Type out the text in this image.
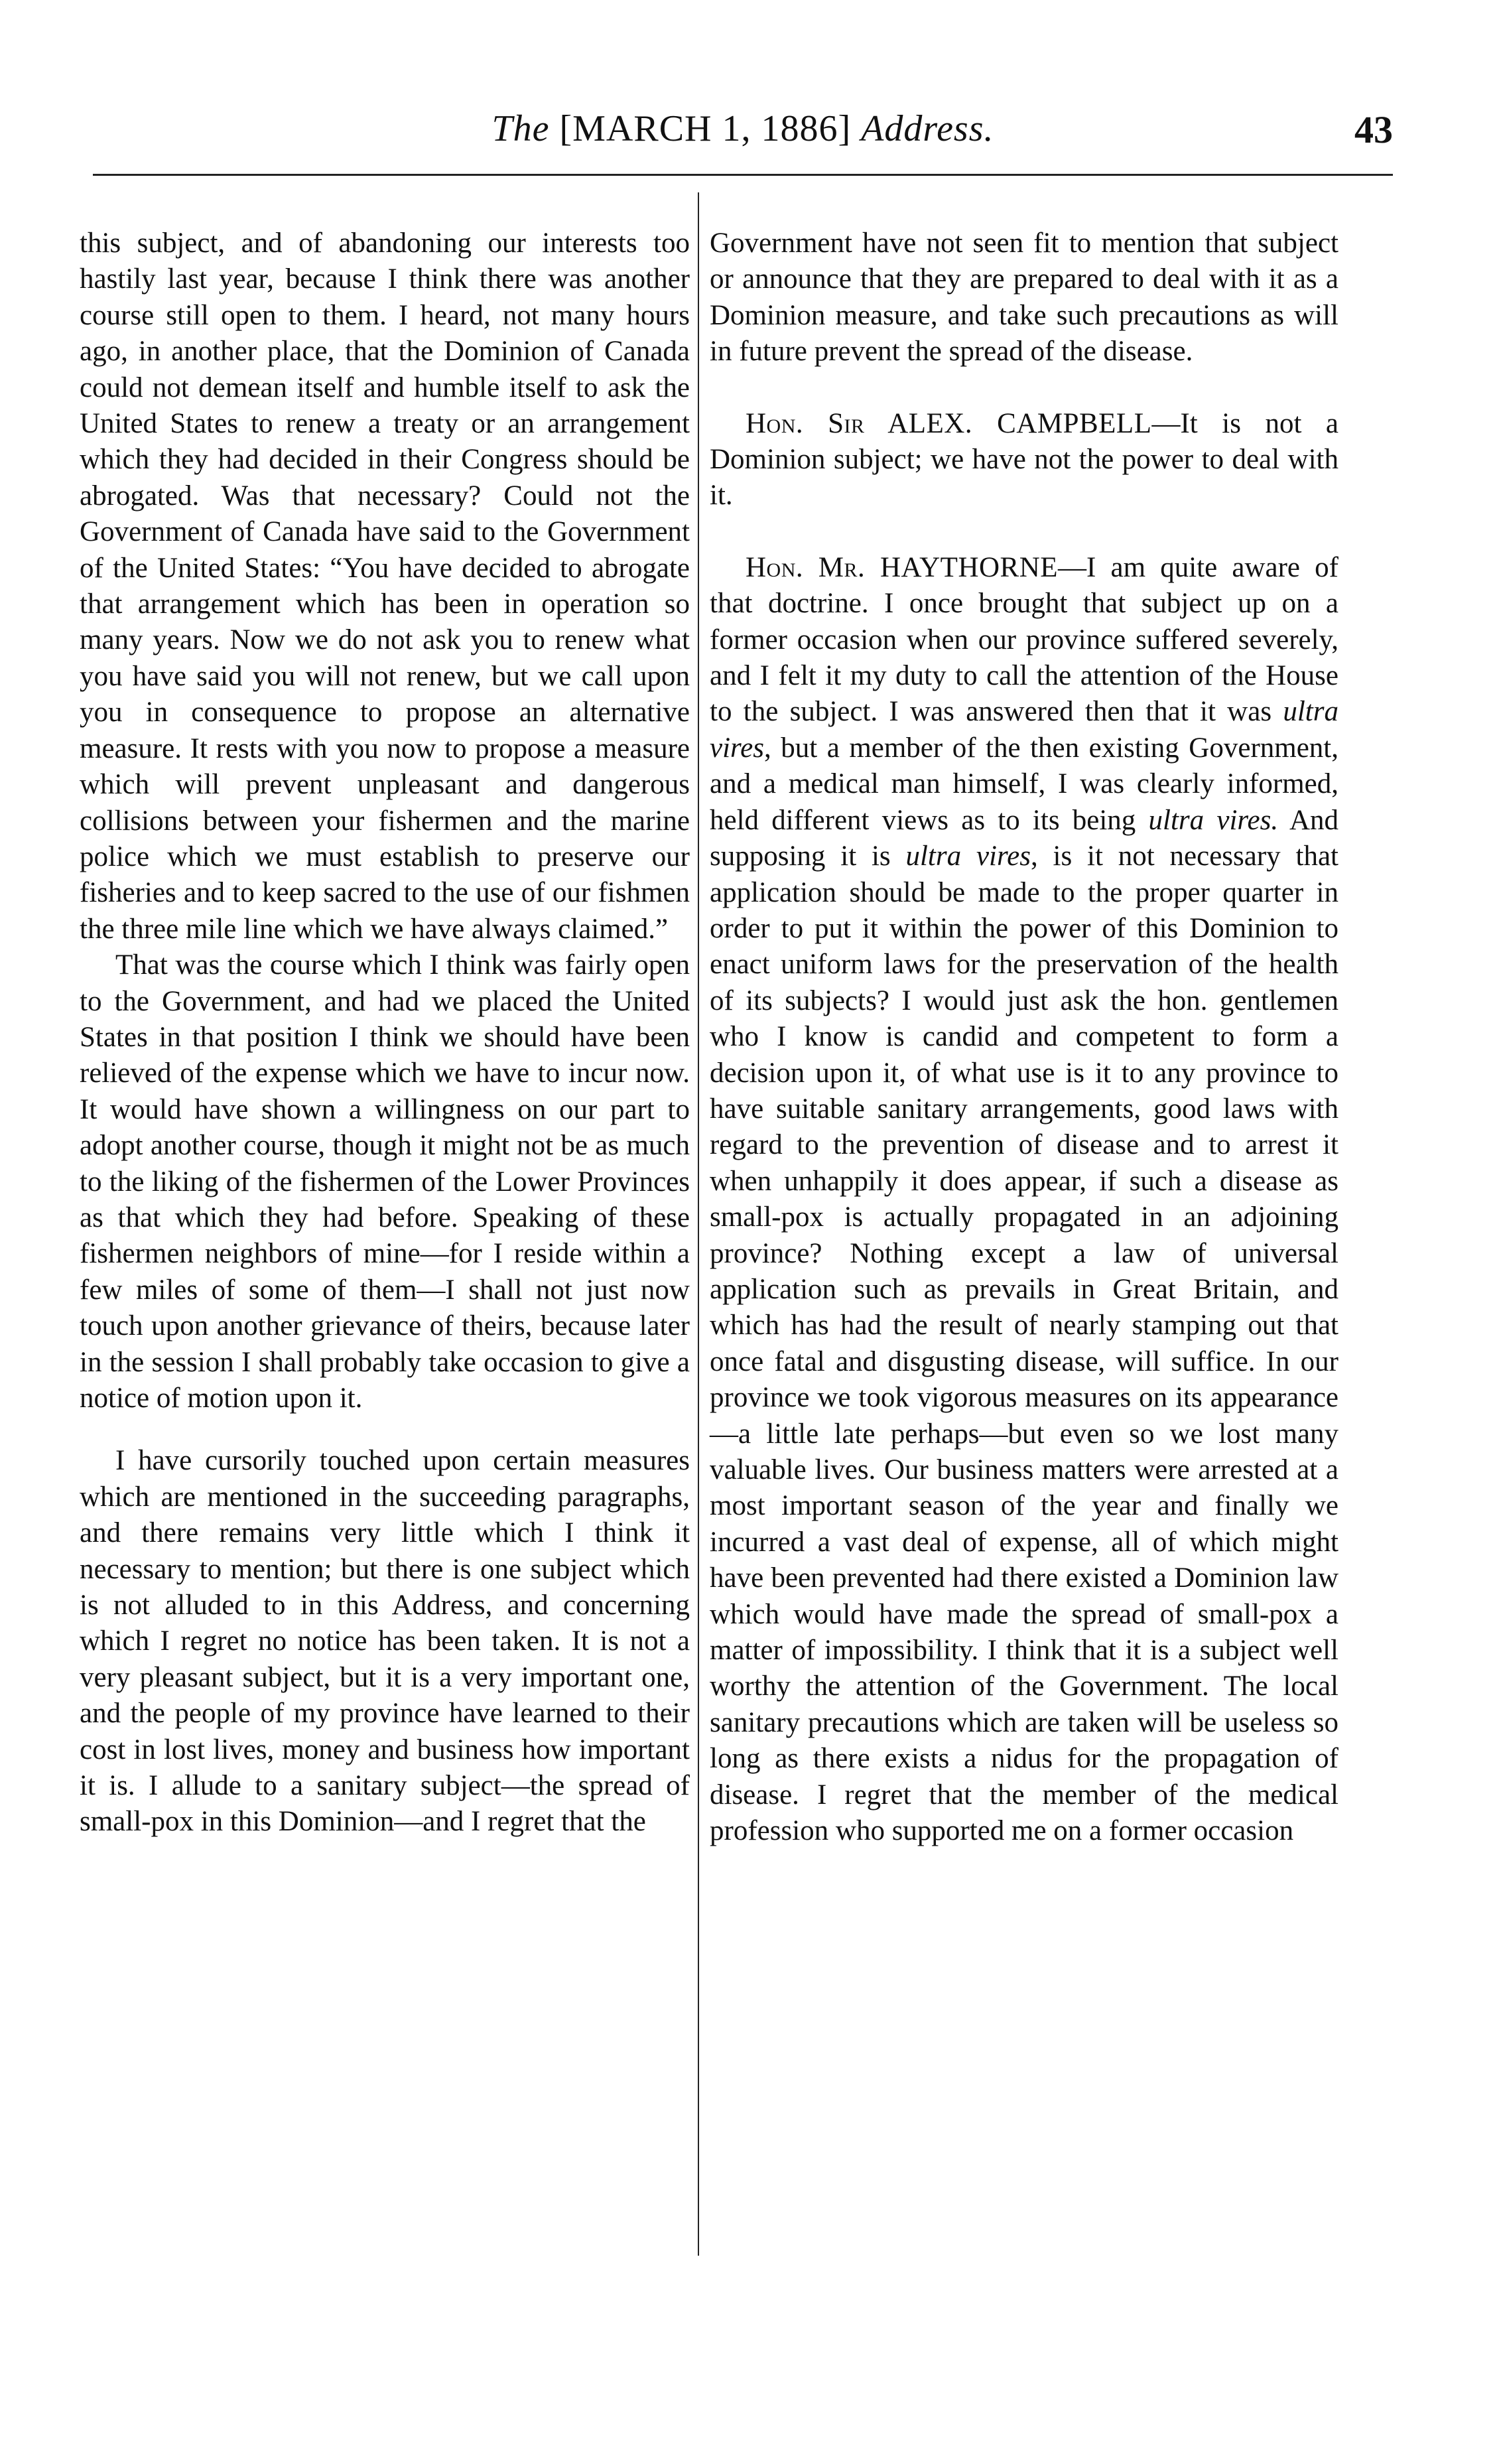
The [MARCH 1, 1886] Address.	43

this subject, and of abandoning our interests too hastily last year, because I think there was another course still open to them. I heard, not many hours ago, in another place, that the Dominion of Canada could not demean itself and humble itself to ask the United States to renew a treaty or an arrangement which they had decided in their Congress should be abrogated. Was that necessary? Could not the Government of Canada have said to the Government of the United States: “You have decided to abrogate that arrangement which has been in operation so many years. Now we do not ask you to renew what you have said you will not renew, but we call upon you in consequence to propose an alternative measure. It rests with you now to propose a measure which will prevent unpleasant and dangerous collisions between your fishermen and the marine police which we must establish to preserve our fisheries and to keep sacred to the use of our fishmen the three mile line which we have always claimed.”

That was the course which I think was fairly open to the Government, and had we placed the United States in that position I think we should have been relieved of the expense which we have to incur now. It would have shown a willingness on our part to adopt another course, though it might not be as much to the liking of the fishermen of the Lower Provinces as that which they had before. Speaking of these fishermen neighbors of mine—for I reside within a few miles of some of them—I shall not just now touch upon another grievance of theirs, because later in the session I shall probably take occasion to give a notice of motion upon it.

I have cursorily touched upon certain measures which are mentioned in the succeeding paragraphs, and there remains very little which I think it necessary to mention; but there is one subject which is not alluded to in this Address, and concerning which I regret no notice has been taken. It is not a very pleasant subject, but it is a very important one, and the people of my province have learned to their cost in lost lives, money and business how important it is. I allude to a sanitary subject—the spread of small-pox in this Dominion—and I regret that the

Government have not seen fit to mention that subject or announce that they are prepared to deal with it as a Dominion measure, and take such precautions as will in future prevent the spread of the disease.

Hon. Sir ALEX. CAMPBELL—It is not a Dominion subject; we have not the power to deal with it.

Hon. Mr. HAYTHORNE—I am quite aware of that doctrine. I once brought that subject up on a former occasion when our province suffered severely, and I felt it my duty to call the attention of the House to the subject. I was answered then that it was ultra vires, but a member of the then existing Government, and a medical man himself, I was clearly informed, held different views as to its being ultra vires. And supposing it is ultra vires, is it not necessary that application should be made to the proper quarter in order to put it within the power of this Dominion to enact uniform laws for the preservation of the health of its subjects? I would just ask the hon. gentlemen who I know is candid and competent to form a decision upon it, of what use is it to any province to have suitable sanitary arrangements, good laws with regard to the prevention of disease and to arrest it when unhappily it does appear, if such a disease as small-pox is actually propagated in an adjoining province? Nothing except a law of universal application such as prevails in Great Britain, and which has had the result of nearly stamping out that once fatal and disgusting disease, will suffice. In our province we took vigorous measures on its appearance—a little late perhaps—but even so we lost many valuable lives. Our business matters were arrested at a most important season of the year and finally we incurred a vast deal of expense, all of which might have been prevented had there existed a Dominion law which would have made the spread of small-pox a matter of impossibility. I think that it is a subject well worthy the attention of the Government. The local sanitary precautions which are taken will be useless so long as there exists a nidus for the propagation of disease. I regret that the member of the medical profession who supported me on a former occasion
